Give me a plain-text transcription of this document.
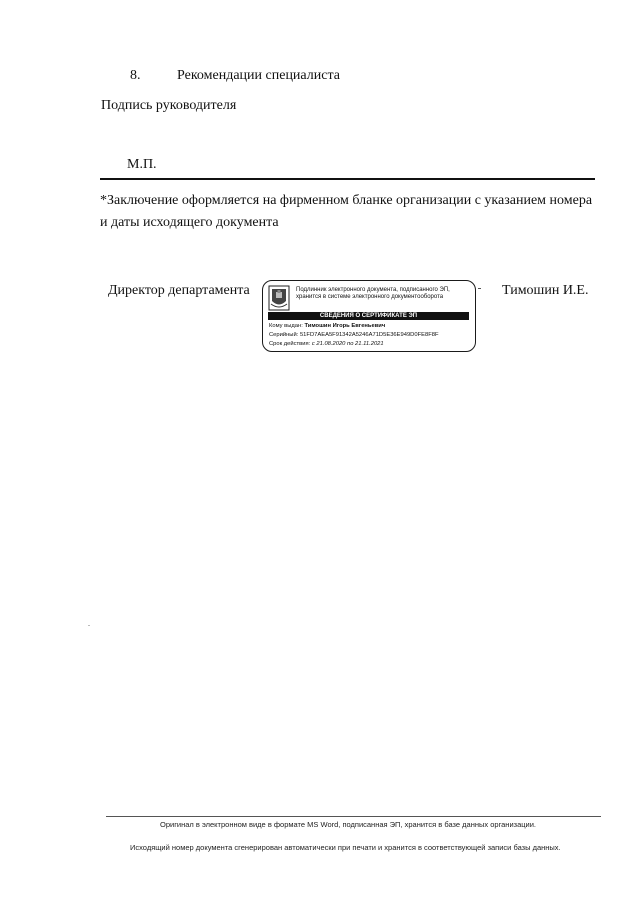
8.	Рекомендации специалиста
Подпись руководителя
М.П.
*Заключение оформляется на фирменном бланке организации с указанием номера и даты исходящего документа
Директор департамента	Тимошин И.Е.
Подлинник электронного документа, подписанного ЭП,
хранится в системе электронного документооборота
СВЕДЕНИЯ О СЕРТИФИКАТЕ ЭП
Кому выдан: Тимошин Игорь Евгеньевич
Серийный: 51FD7AEA5F91342A5246A71D5E36E949D0FE8F8F
Срок действия: с 21.08.2020 по 21.11.2021
Оригинал в электронном виде в формате MS Word, подписанная ЭП, хранится в базе данных организации.
Исходящий номер документа сгенерирован автоматически при печати и хранится в соответствующей записи базы данных.
